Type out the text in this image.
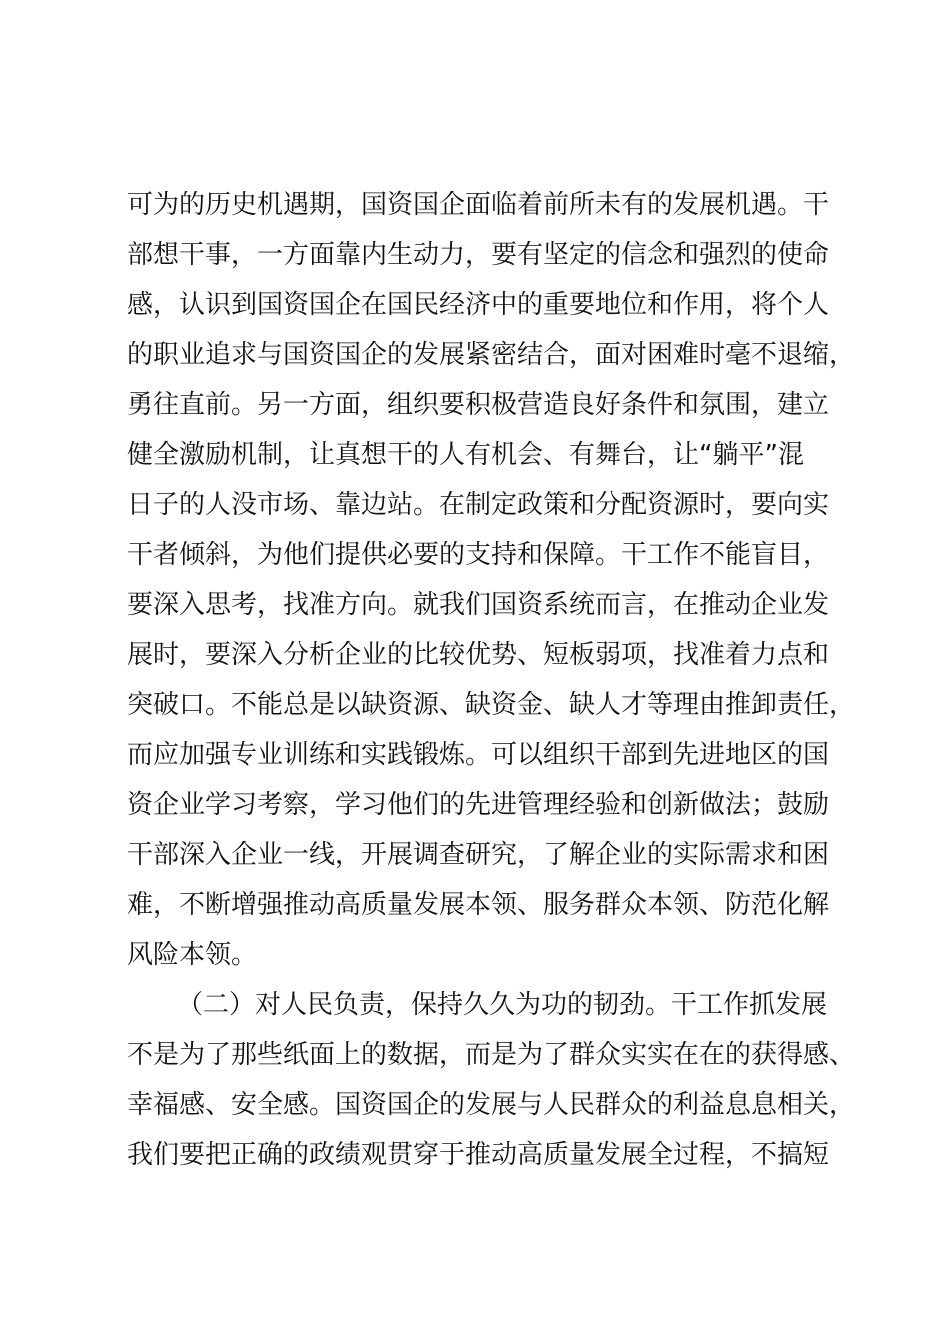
可为的历史机遇期，国资国企面临着前所未有的发展机遇。干
部想干事，一方面靠内生动力，要有坚定的信念和强烈的使命
感，认识到国资国企在国民经济中的重要地位和作用，将个人
的职业追求与国资国企的发展紧密结合，面对困难时毫不退缩，
勇往直前。另一方面，组织要积极营造良好条件和氛围，建立
健全激励机制，让真想干的人有机会、有舞台，让“躺平”混
日子的人没市场、靠边站。在制定政策和分配资源时，要向实
干者倾斜，为他们提供必要的支持和保障。干工作不能盲目，
要深入思考，找准方向。就我们国资系统而言，在推动企业发
展时，要深入分析企业的比较优势、短板弱项，找准着力点和
突破口。不能总是以缺资源、缺资金、缺人才等理由推卸责任，
而应加强专业训练和实践锻炼。可以组织干部到先进地区的国
资企业学习考察，学习他们的先进管理经验和创新做法；鼓励
干部深入企业一线，开展调查研究，了解企业的实际需求和困
难，不断增强推动高质量发展本领、服务群众本领、防范化解
风险本领。
（二）对人民负责，保持久久为功的韧劲。干工作抓发展
不是为了那些纸面上的数据，而是为了群众实实在在的获得感、
幸福感、安全感。国资国企的发展与人民群众的利益息息相关，
我们要把正确的政绩观贯穿于推动高质量发展全过程，不搞短
